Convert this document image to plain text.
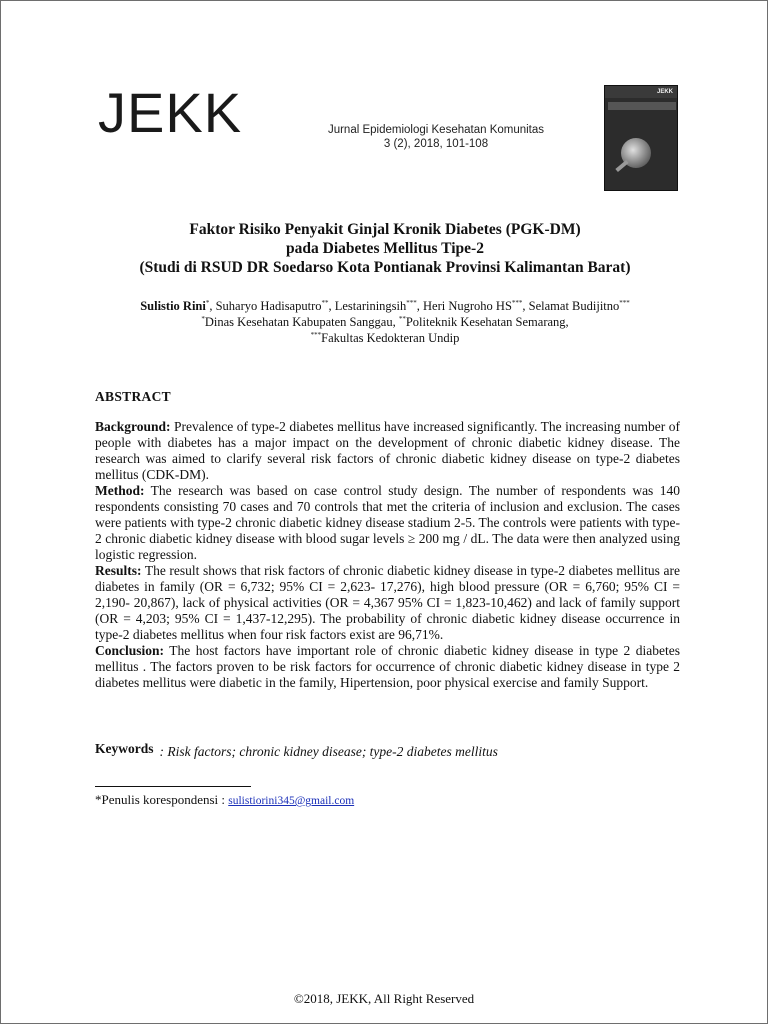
JEKK	Jurnal Epidemiologi Kesehatan Komunitas
3 (2), 2018, 101-108
JEKK
Faktor Risiko Penyakit Ginjal Kronik Diabetes (PGK-DM)
pada Diabetes Mellitus Tipe-2
(Studi di RSUD DR Soedarso Kota Pontianak Provinsi Kalimantan Barat)
Sulistio Rini*, Suharyo Hadisaputro**, Lestariningsih***, Heri Nugroho HS***, Selamat Budijitno***
*Dinas Kesehatan Kabupaten Sanggau, **Politeknik Kesehatan Semarang,
***Fakultas Kedokteran Undip
ABSTRACT

Background: Prevalence of type-2 diabetes mellitus have increased significantly. The increasing number of people with diabetes has a major impact on the development of chronic diabetic kidney disease. The research was aimed to clarify several risk factors of chronic diabetic kidney disease on type-2 diabetes mellitus (CDK-DM).

Method: The research was based on case control study design. The number of respondents was 140 respondents consisting 70 cases and 70 controls that met the criteria of inclusion and exclusion. The cases were patients with type-2 chronic diabetic kidney disease stadium 2-5. The controls were patients with type-2 chronic diabetic kidney disease with blood sugar levels ≥ 200 mg / dL. The data were then analyzed using logistic regression.

Results: The result shows that risk factors of chronic diabetic kidney disease in type-2 diabetes mellitus are diabetes in family (OR = 6,732; 95% CI = 2,623- 17,276), high blood pressure (OR = 6,760; 95% CI = 2,190- 20,867), lack of physical activities (OR = 4,367 95% CI = 1,823-10,462) and lack of family support (OR = 4,203; 95% CI = 1,437-12,295). The probability of chronic diabetic kidney disease occurrence in type-2 diabetes mellitus when four risk factors exist are 96,71%.

Conclusion: The host factors have important role of chronic diabetic kidney disease in type 2 diabetes mellitus . The factors proven to be risk factors for occurrence of chronic diabetic kidney disease in type 2 diabetes mellitus were diabetic in the family, Hipertension, poor physical exercise and family Support.

Keywords : Risk factors; chronic kidney disease; type-2 diabetes mellitus
*Penulis korespondensi : sulistiorini345@gmail.com
©2018, JEKK, All Right Reserved
